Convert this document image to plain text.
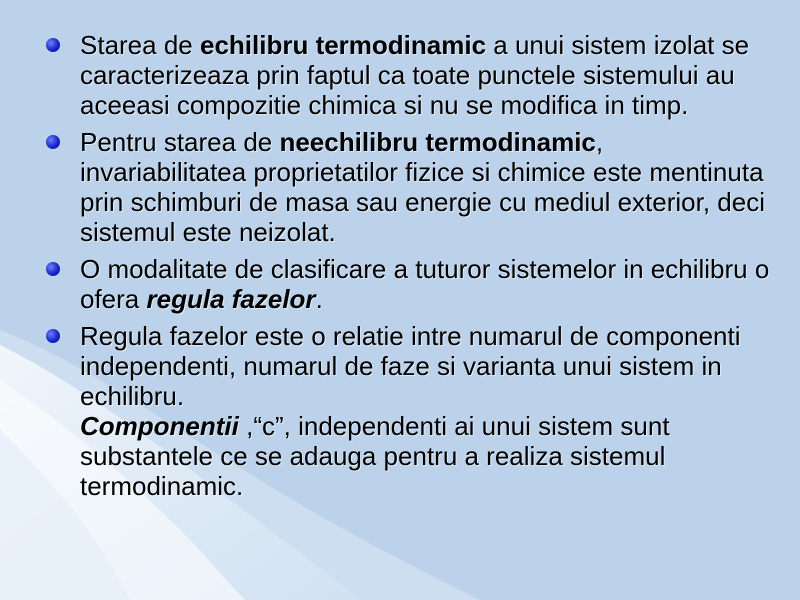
Starea de echilibru termodinamic a unui sistem izolat se caracterizeaza prin faptul ca toate punctele sistemului au aceeasi compozitie chimica si nu se modifica in timp.
Pentru starea de neechilibru termodinamic, invariabilitatea proprietatilor fizice si chimice este mentinuta prin schimburi de masa sau energie cu mediul exterior, deci sistemul este neizolat.
O modalitate de clasificare a tuturor sistemelor in echilibru o ofera regula fazelor.
Regula fazelor este o relatie intre numarul de componenti independenti, numarul de faze si varianta unui sistem in echilibru.
Componentii ,“c”, independenti ai unui sistem sunt substantele ce se adauga pentru a realiza sistemul termodinamic.
